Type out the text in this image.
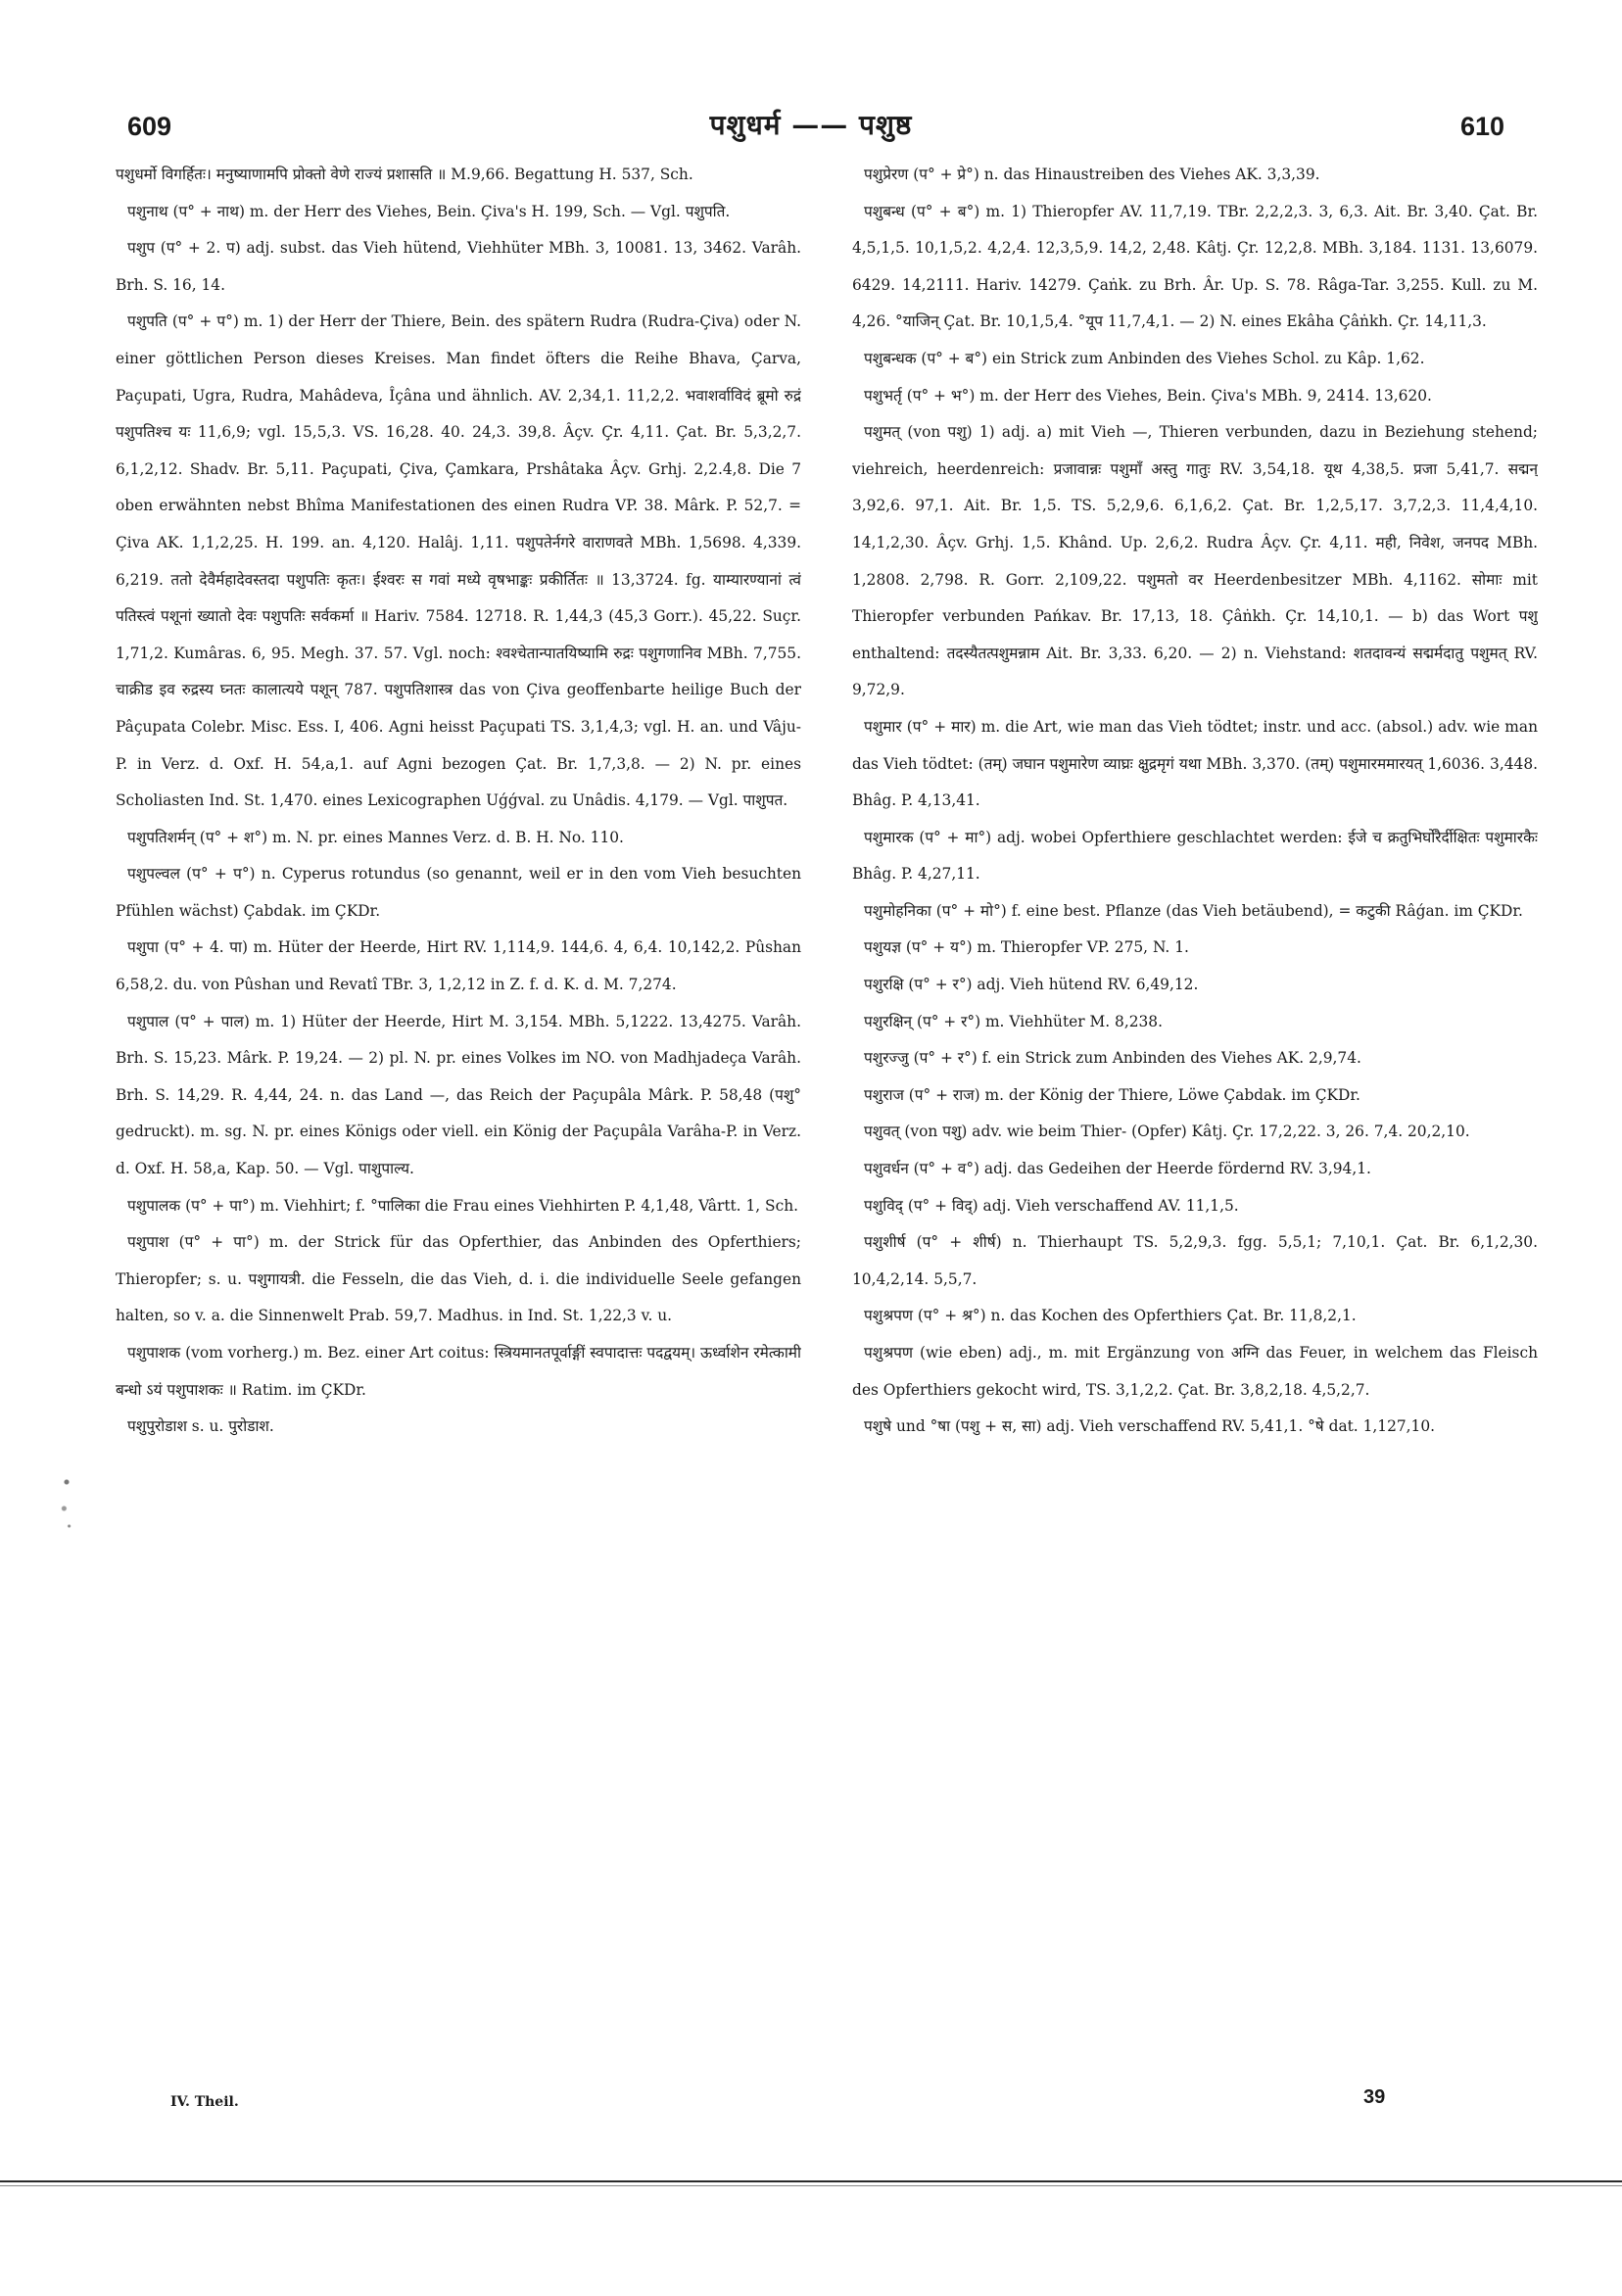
609	पशुधर्म —— पशुष्ठ	610

पशुधर्मो विगर्हितः। मनुष्याणामपि प्रोक्तो वेणे राज्यं प्रशासति ॥ M.9,66. Begattung H. 537, Sch.

पशुनाथ (प° + नाथ) m. der Herr des Viehes, Bein. Çiva's H. 199, Sch. — Vgl. पशुपति.

पशुप (प° + 2. प) adj. subst. das Vieh hütend, Viehhüter MBh. 3, 10081. 13, 3462. Varâh. Brh. S. 16, 14.

पशुपति (प° + प°) m. 1) der Herr der Thiere, Bein. des spätern Rudra (Rudra-Çiva) oder N. einer göttlichen Person dieses Kreises. Man findet öfters die Reihe Bhava, Çarva, Paçupati, Ugra, Rudra, Mahâdeva, Îçâna und ähnlich. AV. 2,34,1. 11,2,2. भवाशर्वाविदं ब्रूमो रुद्रं पशुपतिश्च यः 11,6,9; vgl. 15,5,3. VS. 16,28. 40. 24,3. 39,8. Âçv. Çr. 4,11. Çat. Br. 5,3,2,7. 6,1,2,12. Shadv. Br. 5,11. Paçupati, Çiva, Çamkara, Prshâtaka Âçv. Grhj. 2,2.4,8. Die 7 oben erwähnten nebst Bhîma Manifestationen des einen Rudra VP. 38. Mârk. P. 52,7. = Çiva AK. 1,1,2,25. H. 199. an. 4,120. Halâj. 1,11. पशुपतेर्नगरे वाराणवते MBh. 1,5698. 4,339. 6,219. ततो देवैर्महादेवस्तदा पशुपतिः कृतः। ईश्वरः स गवां मध्ये वृषभाङ्कः प्रकीर्तितः ॥ 13,3724. fg. याम्यारण्यानां त्वं पतिस्त्वं पशूनां ख्यातो देवः पशुपतिः सर्वकर्मा ॥ Hariv. 7584. 12718. R. 1,44,3 (45,3 Gorr.). 45,22. Suçr. 1,71,2. Kumâras. 6, 95. Megh. 37. 57. Vgl. noch: श्वश्चेतान्पातयिष्यामि रुद्रः पशुगणानिव MBh. 7,755. चाक्रीड इव रुद्रस्य घ्नतः कालात्यये पशून् 787. पशुपतिशास्त्र das von Çiva geoffenbarte heilige Buch der Pâçupata Colebr. Misc. Ess. I, 406. Agni heisst Paçupati TS. 3,1,4,3; vgl. H. an. und Vâju-P. in Verz. d. Oxf. H. 54,a,1. auf Agni bezogen Çat. Br. 1,7,3,8. — 2) N. pr. eines Scholiasten Ind. St. 1,470. eines Lexicographen Uǵǵval. zu Unâdis. 4,179. — Vgl. पाशुपत.

पशुपतिशर्मन् (प° + श°) m. N. pr. eines Mannes Verz. d. B. H. No. 110.

पशुपल्वल (प° + प°) n. Cyperus rotundus (so genannt, weil er in den vom Vieh besuchten Pfühlen wächst) Çabdak. im ÇKDr.

पशुपा (प° + 4. पा) m. Hüter der Heerde, Hirt RV. 1,114,9. 144,6. 4, 6,4. 10,142,2. Pûshan 6,58,2. du. von Pûshan und Revatî TBr. 3, 1,2,12 in Z. f. d. K. d. M. 7,274.

पशुपाल (प° + पाल) m. 1) Hüter der Heerde, Hirt M. 3,154. MBh. 5,1222. 13,4275. Varâh. Brh. S. 15,23. Mârk. P. 19,24. — 2) pl. N. pr. eines Volkes im NO. von Madhjadeça Varâh. Brh. S. 14,29. R. 4,44, 24. n. das Land —, das Reich der Paçupâla Mârk. P. 58,48 (पशु° gedruckt). m. sg. N. pr. eines Königs oder viell. ein König der Paçupâla Varâha-P. in Verz. d. Oxf. H. 58,a, Kap. 50. — Vgl. पाशुपाल्य.

पशुपालक (प° + पा°) m. Viehhirt; f. °पालिका die Frau eines Viehhirten P. 4,1,48, Vârtt. 1, Sch.

पशुपाश (प° + पा°) m. der Strick für das Opferthier, das Anbinden des Opferthiers; Thieropfer; s. u. पशुगायत्री. die Fesseln, die das Vieh, d. i. die individuelle Seele gefangen halten, so v. a. die Sinnenwelt Prab. 59,7. Madhus. in Ind. St. 1,22,3 v. u.

पशुपाशक (vom vorherg.) m. Bez. einer Art coitus: स्त्रियमानतपूर्वाङ्गीं स्वपादात्तः पदद्वयम्। ऊर्ध्वाशेन रमेत्कामी बन्धो ऽयं पशुपाशकः ॥ Ratim. im ÇKDr.

पशुपुरोडाश s. u. पुरोडाश.

पशुप्रेरण (प° + प्रे°) n. das Hinaustreiben des Viehes AK. 3,3,39.

पशुबन्ध (प° + ब°) m. 1) Thieropfer AV. 11,7,19. TBr. 2,2,2,3. 3, 6,3. Ait. Br. 3,40. Çat. Br. 4,5,1,5. 10,1,5,2. 4,2,4. 12,3,5,9. 14,2, 2,48. Kâtj. Çr. 12,2,8. MBh. 3,184. 1131. 13,6079. 6429. 14,2111. Hariv. 14279. Çaṅk. zu Brh. Âr. Up. S. 78. Râga-Tar. 3,255. Kull. zu M. 4,26. °याजिन् Çat. Br. 10,1,5,4. °यूप 11,7,4,1. — 2) N. eines Ekâha Çâṅkh. Çr. 14,11,3.

पशुबन्धक (प° + ब°) ein Strick zum Anbinden des Viehes Schol. zu Kâp. 1,62.

पशुभर्तृ (प° + भ°) m. der Herr des Viehes, Bein. Çiva's MBh. 9, 2414. 13,620.

पशुमत् (von पशु) 1) adj. a) mit Vieh —, Thieren verbunden, dazu in Beziehung stehend; viehreich, heerdenreich: प्रजावान्नः पशुमाँ अस्तु गातुः RV. 3,54,18. यूथ 4,38,5. प्रजा 5,41,7. सद्मन् 3,92,6. 97,1. Ait. Br. 1,5. TS. 5,2,9,6. 6,1,6,2. Çat. Br. 1,2,5,17. 3,7,2,3. 11,4,4,10. 14,1,2,30. Âçv. Grhj. 1,5. Khând. Up. 2,6,2. Rudra Âçv. Çr. 4,11. मही, निवेश, जनपद MBh. 1,2808. 2,798. R. Gorr. 2,109,22. पशुमतो वर Heerdenbesitzer MBh. 4,1162. सोमाः mit Thieropfer verbunden Pańkav. Br. 17,13, 18. Çâṅkh. Çr. 14,10,1. — b) das Wort पशु enthaltend: तदस्यैतत्पशुमन्नाम Ait. Br. 3,33. 6,20. — 2) n. Viehstand: शतदावन्यं सद्मर्मदातु पशुमत् RV. 9,72,9.

पशुमार (प° + मार) m. die Art, wie man das Vieh tödtet; instr. und acc. (absol.) adv. wie man das Vieh tödtet: (तम्) जघान पशुमारेण व्याघ्रः क्षुद्रमृगं यथा MBh. 3,370. (तम्) पशुमारममारयत् 1,6036. 3,448. Bhâg. P. 4,13,41.

पशुमारक (प° + मा°) adj. wobei Opferthiere geschlachtet werden: ईजे च क्रतुभिर्घोरैर्दीक्षितः पशुमारकैः Bhâg. P. 4,27,11.

पशुमोहनिका (प° + मो°) f. eine best. Pflanze (das Vieh betäubend), = कटुकी Râǵan. im ÇKDr.

पशुयज्ञ (प° + य°) m. Thieropfer VP. 275, N. 1.

पशुरक्षि (प° + र°) adj. Vieh hütend RV. 6,49,12.

पशुरक्षिन् (प° + र°) m. Viehhüter M. 8,238.

पशुरज्जु (प° + र°) f. ein Strick zum Anbinden des Viehes AK. 2,9,74.

पशुराज (प° + राज) m. der König der Thiere, Löwe Çabdak. im ÇKDr.

पशुवत् (von पशु) adv. wie beim Thier- (Opfer) Kâtj. Çr. 17,2,22. 3, 26. 7,4. 20,2,10.

पशुवर्धन (प° + व°) adj. das Gedeihen der Heerde fördernd RV. 3,94,1.

पशुविद् (प° + विद्) adj. Vieh verschaffend AV. 11,1,5.

पशुशीर्ष (प° + शीर्ष) n. Thierhaupt TS. 5,2,9,3. fgg. 5,5,1; 7,10,1. Çat. Br. 6,1,2,30. 10,4,2,14. 5,5,7.

पशुश्रपण (प° + श्र°) n. das Kochen des Opferthiers Çat. Br. 11,8,2,1.

पशुश्रपण (wie eben) adj., m. mit Ergänzung von अग्नि das Feuer, in welchem das Fleisch des Opferthiers gekocht wird, TS. 3,1,2,2. Çat. Br. 3,8,2,18. 4,5,2,7.

पशुषे und °षा (पशु + स, सा) adj. Vieh verschaffend RV. 5,41,1. °षे dat. 1,127,10.

IV. Theil.	39
